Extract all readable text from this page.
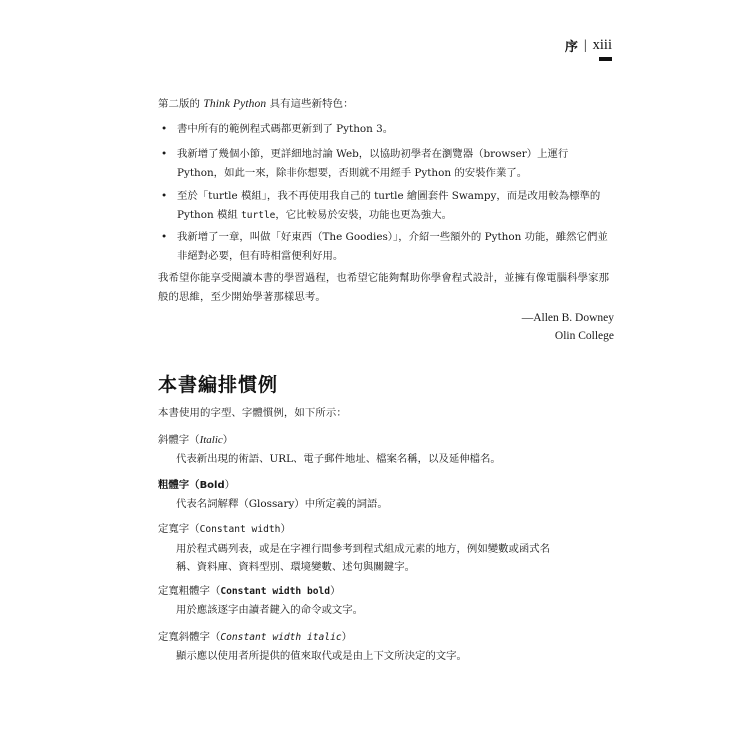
序 | xiii
第二版的 Think Python 具有這些新特色：
• 書中所有的範例程式碼都更新到了 Python 3。
• 我新增了幾個小節，更詳細地討論 Web，以協助初學者在瀏覽器（browser）上運行 Python，如此一來，除非你想要，否則就不用經手 Python 的安裝作業了。
• 至於「turtle 模組」，我不再使用我自己的 turtle 繪圖套件 Swampy，而是改用較為標準的 Python 模組 turtle，它比較易於安裝，功能也更為強大。
• 我新增了一章，叫做「好東西（The Goodies）」，介紹一些額外的 Python 功能，雖然它們並非絕對必要，但有時相當便利好用。
我希望你能享受閱讀本書的學習過程，也希望它能夠幫助你學會程式設計，並擁有像電腦科學家那般的思維，至少開始學著那樣思考。
—Allen B. Downey
Olin College
本書編排慣例
本書使用的字型、字體慣例，如下所示：
斜體字（Italic）
代表新出現的術語、URL、電子郵件地址、檔案名稱，以及延伸檔名。
粗體字（Bold）
代表名詞解釋（Glossary）中所定義的詞語。
定寬字（Constant width）
用於程式碼列表，或是在字裡行間參考到程式組成元素的地方，例如變數或函式名
稱、資料庫、資料型別、環境變數、述句與關鍵字。
定寬粗體字（Constant width bold）
用於應該逐字由讀者鍵入的命令或文字。
定寬斜體字（Constant width italic）
顯示應以使用者所提供的值來取代或是由上下文所決定的文字。
